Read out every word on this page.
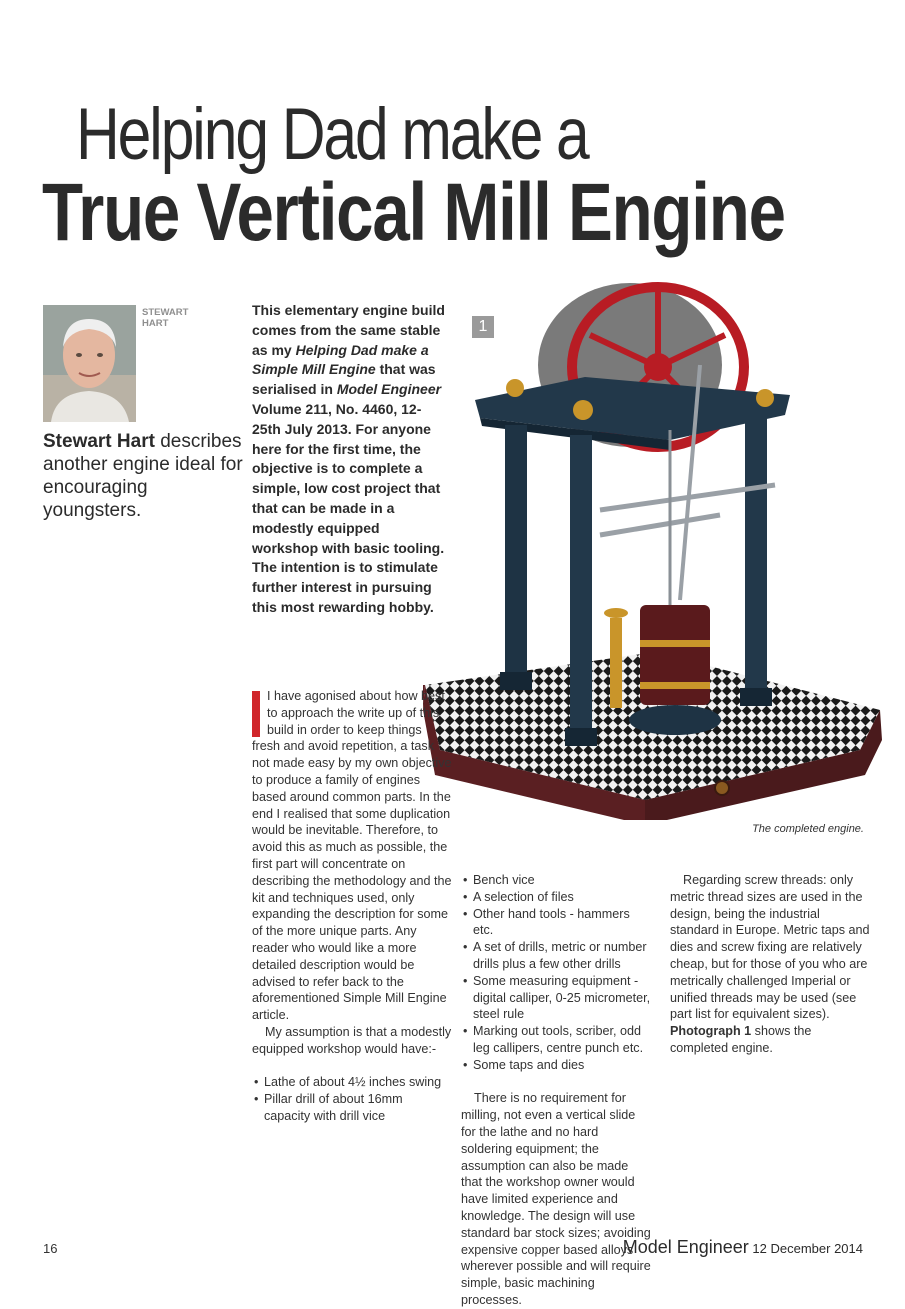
Helping Dad make a
True Vertical Mill Engine
STEWART
HART
Stewart Hart describes another engine ideal for encouraging youngsters.
This elementary engine build comes from the same stable as my Helping Dad make a Simple Mill Engine that was serialised in Model Engineer Volume 211, No. 4460, 12-25th July 2013. For anyone here for the first time, the objective is to complete a simple, low cost project that that can be made in a modestly equipped workshop with basic tooling. The intention is to stimulate further interest in pursuing this most rewarding hobby.
1
The completed engine.

I have agonised about how best to approach the write up of this build in order to keep things fresh and avoid repetition, a task not made easy by my own objective to produce a family of engines based around common parts. In the end I realised that some duplication would be inevitable. Therefore, to avoid this as much as possible, the first part will concentrate on describing the methodology and the kit and techniques used, only expanding the description for some of the more unique parts. Any reader who would like a more detailed description would be advised to refer back to the aforementioned Simple Mill Engine article.

My assumption is that a modestly equipped workshop would have:-

• Lathe of about 4½ inches swing
• Pillar drill of about 16mm capacity with drill vice
• Bench vice
• A selection of files
• Other hand tools - hammers etc.
• A set of drills, metric or number drills plus a few other drills
• Some measuring equipment - digital calliper, 0-25 micrometer, steel rule
• Marking out tools, scriber, odd leg callipers, centre punch etc.
• Some taps and dies

There is no requirement for milling, not even a vertical slide for the lathe and no hard soldering equipment; the assumption can also be made that the workshop owner would have limited experience and knowledge. The design will use standard bar stock sizes; avoiding expensive copper based alloys wherever possible and will require simple, basic machining processes.

Regarding screw threads: only metric thread sizes are used in the design, being the industrial standard in Europe. Metric taps and dies and screw fixing are relatively cheap, but for those of you who are metrically challenged Imperial or unified threads may be used (see part list for equivalent sizes). Photograph 1 shows the completed engine.

16	Model Engineer 12 December 2014
